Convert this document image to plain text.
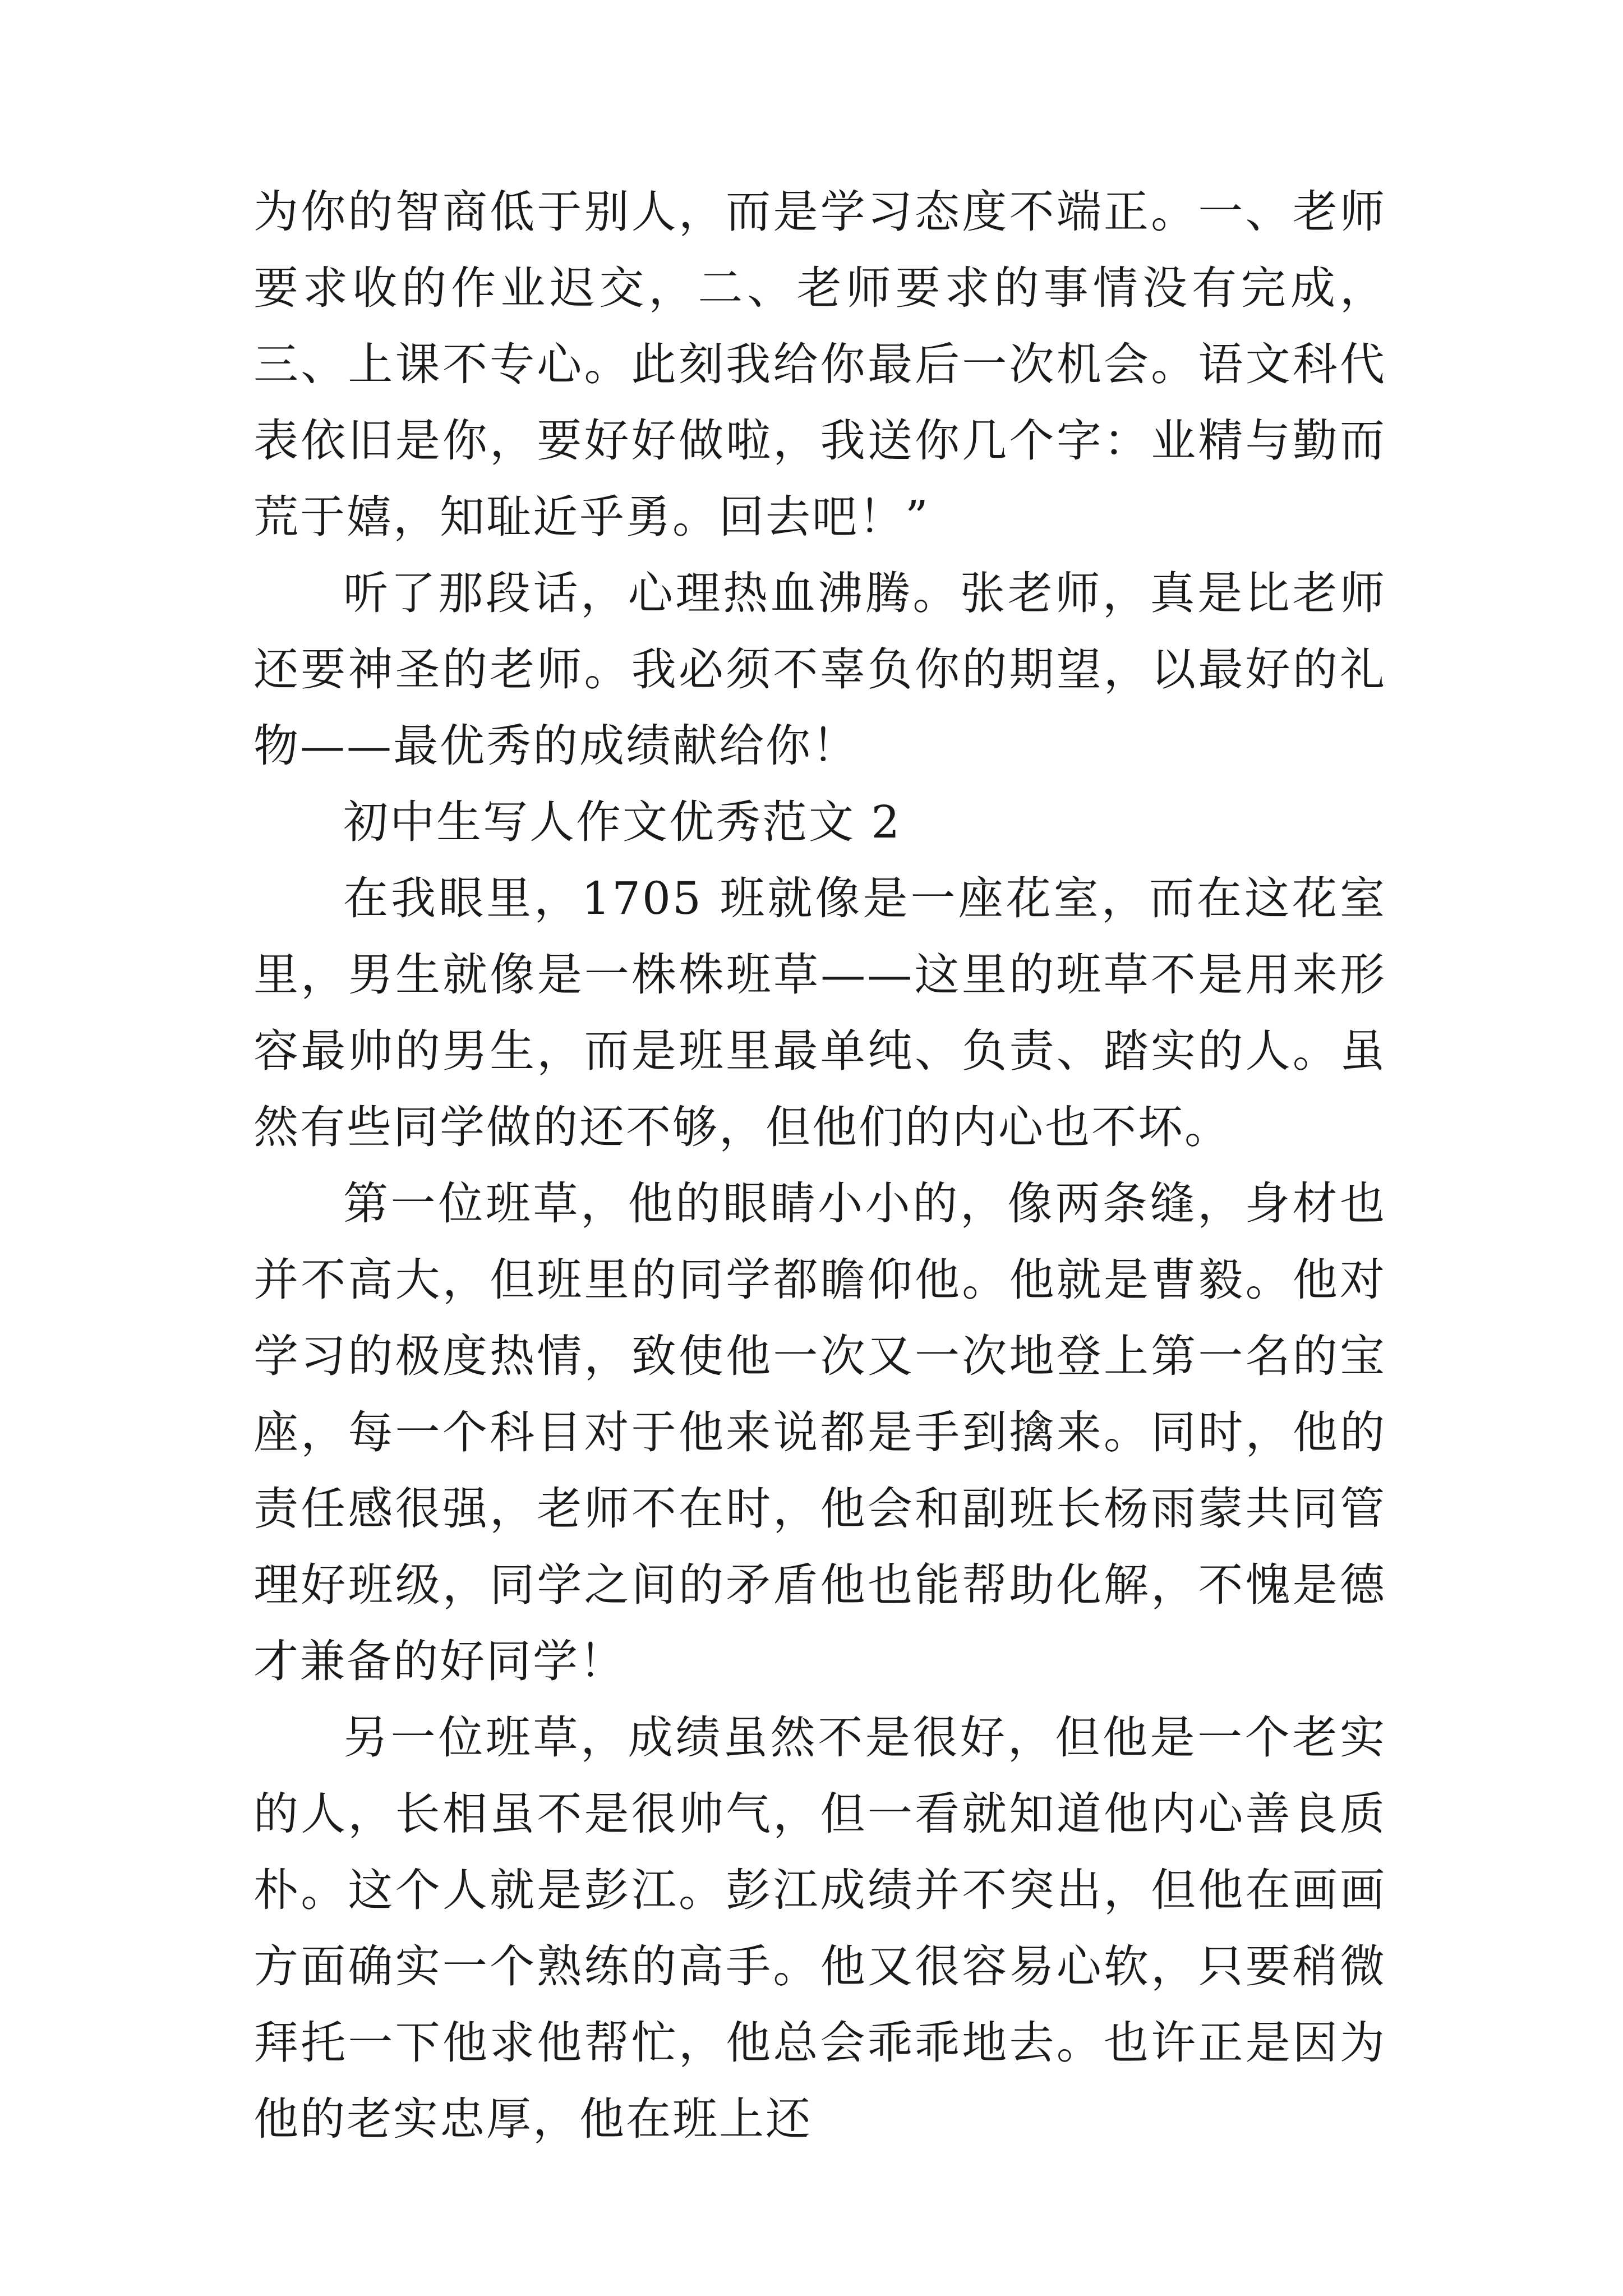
为你的智商低于别人，而是学习态度不端正。一、老师要求收的作业迟交，二、老师要求的事情没有完成，三、上课不专心。此刻我给你最后一次机会。语文科代表依旧是你，要好好做啦，我送你几个字：业精与勤而荒于嬉，知耻近乎勇。回去吧！”

听了那段话，心理热血沸腾。张老师，真是比老师还要神圣的老师。我必须不辜负你的期望，以最好的礼物——最优秀的成绩献给你！

初中生写人作文优秀范文 2

在我眼里，1705 班就像是一座花室，而在这花室里，男生就像是一株株班草——这里的班草不是用来形容最帅的男生，而是班里最单纯、负责、踏实的人。虽然有些同学做的还不够，但他们的内心也不坏。

第一位班草，他的眼睛小小的，像两条缝，身材也并不高大，但班里的同学都瞻仰他。他就是曹毅。他对学习的极度热情，致使他一次又一次地登上第一名的宝座，每一个科目对于他来说都是手到擒来。同时，他的责任感很强，老师不在时，他会和副班长杨雨蒙共同管理好班级，同学之间的矛盾他也能帮助化解，不愧是德才兼备的好同学！

另一位班草，成绩虽然不是很好，但他是一个老实的人，长相虽不是很帅气，但一看就知道他内心善良质朴。这个人就是彭江。彭江成绩并不突出，但他在画画方面确实一个熟练的高手。他又很容易心软，只要稍微拜托一下他求他帮忙，他总会乖乖地去。也许正是因为他的老实忠厚，他在班上还
